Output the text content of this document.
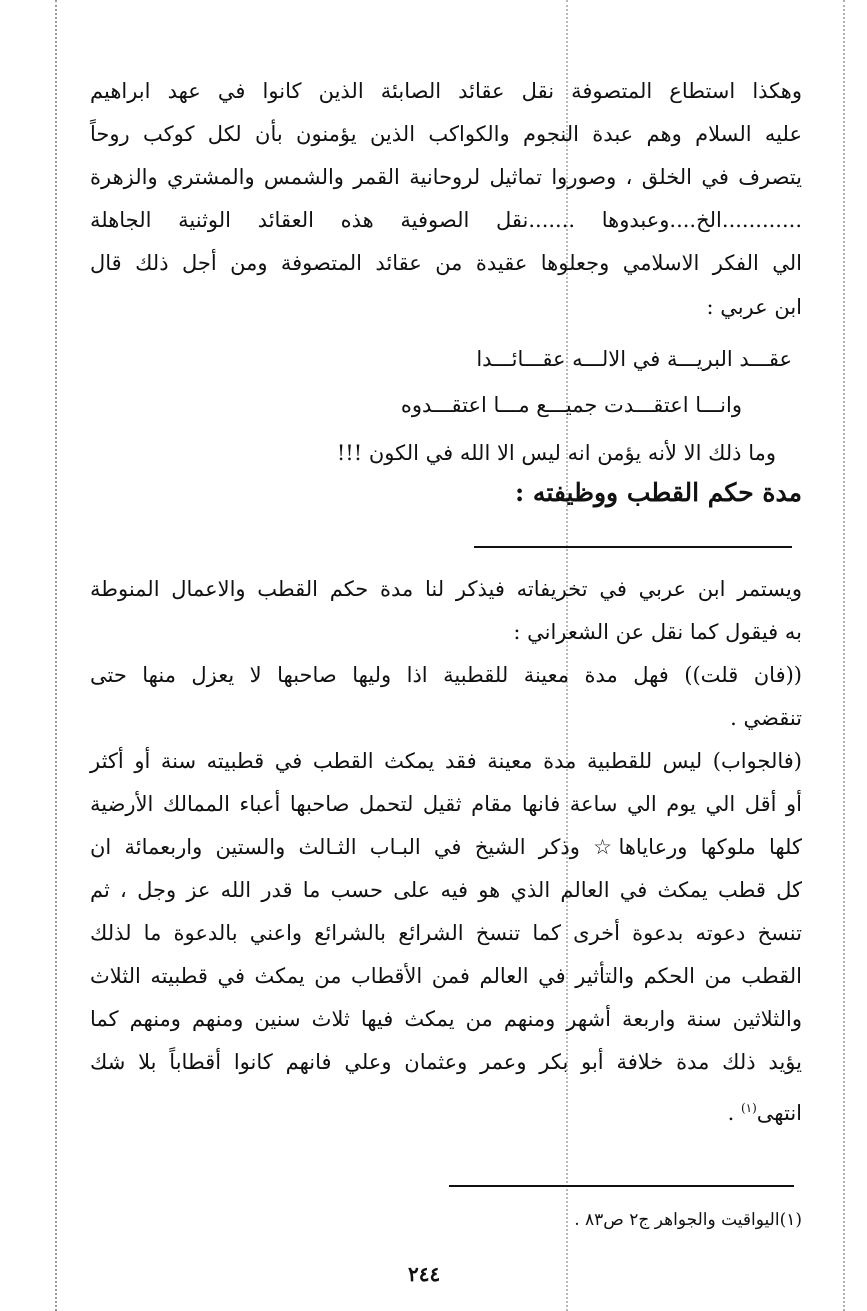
وهكذا استطاع المتصوفة نقل عقائد الصابئة الذين كانوا في عهد ابراهيم
عليه السلام وهم عبدة النجوم والكواكب الذين يؤمنون بأن لكل كوكب روحاً
يتصرف في الخلق ، وصوروا تماثيل لروحانية القمر والشمس والمشتري والزهرة
............الخ....وعبدوها .......نقل الصوفية هذه العقائد الوثنية الجاهلة
الي الفكر الاسلامي وجعلوها عقيدة من عقائد المتصوفة ومن أجل ذلك قال
ابن عربي :
عقـــد البريـــة في الالـــه عقـــائـــدا
وانـــا اعتقـــدت جميـــع مـــا اعتقـــدوه
وما ذلك الا لأنه يؤمن انه ليس الا الله في الكون !!!
مدة حكم القطب ووظيفته :
ويستمر ابن عربي في تخريفاته فيذكر لنا مدة حكم القطب والاعمال المنوطة
به فيقول كما نقل عن الشعراني :
((فان قلت)) فهل مدة معينة للقطبية اذا وليها صاحبها لا يعزل منها حتى
تنقضي .
(فالجواب) ليس للقطبية مدة معينة فقد يمكث القطب في قطبيته سنة أو أكثر
أو أقل الي يوم الي ساعة فانها مقام ثقيل لتحمل صاحبها أعباء الممالك الأرضية
كلها ملوكها ورعاياها☆ وذكر الشيخ في البـاب الثـالث والستين واربعمائة ان
كل قطب يمكث في العالم الذي هو فيه على حسب ما قدر الله عز وجل ، ثم
تنسخ دعوته بدعوة أخرى كما تنسخ الشرائع بالشرائع واعني بالدعوة ما لذلك
القطب من الحكم والتأثير في العالم فمن الأقطاب من يمكث في قطبيته الثلاث
والثلاثين سنة واربعة أشهر ومنهم من يمكث فيها ثلاث سنين ومنهم ومنهم كما
يؤيد ذلك مدة خلافة أبو بكر وعمر وعثمان وعلي فانهم كانوا أقطاباً بلا شك
انتهى$^{(١)}$ .
(١)اليواقيت والجواهر ج٢ ص٨٣ .
٢٤٤
